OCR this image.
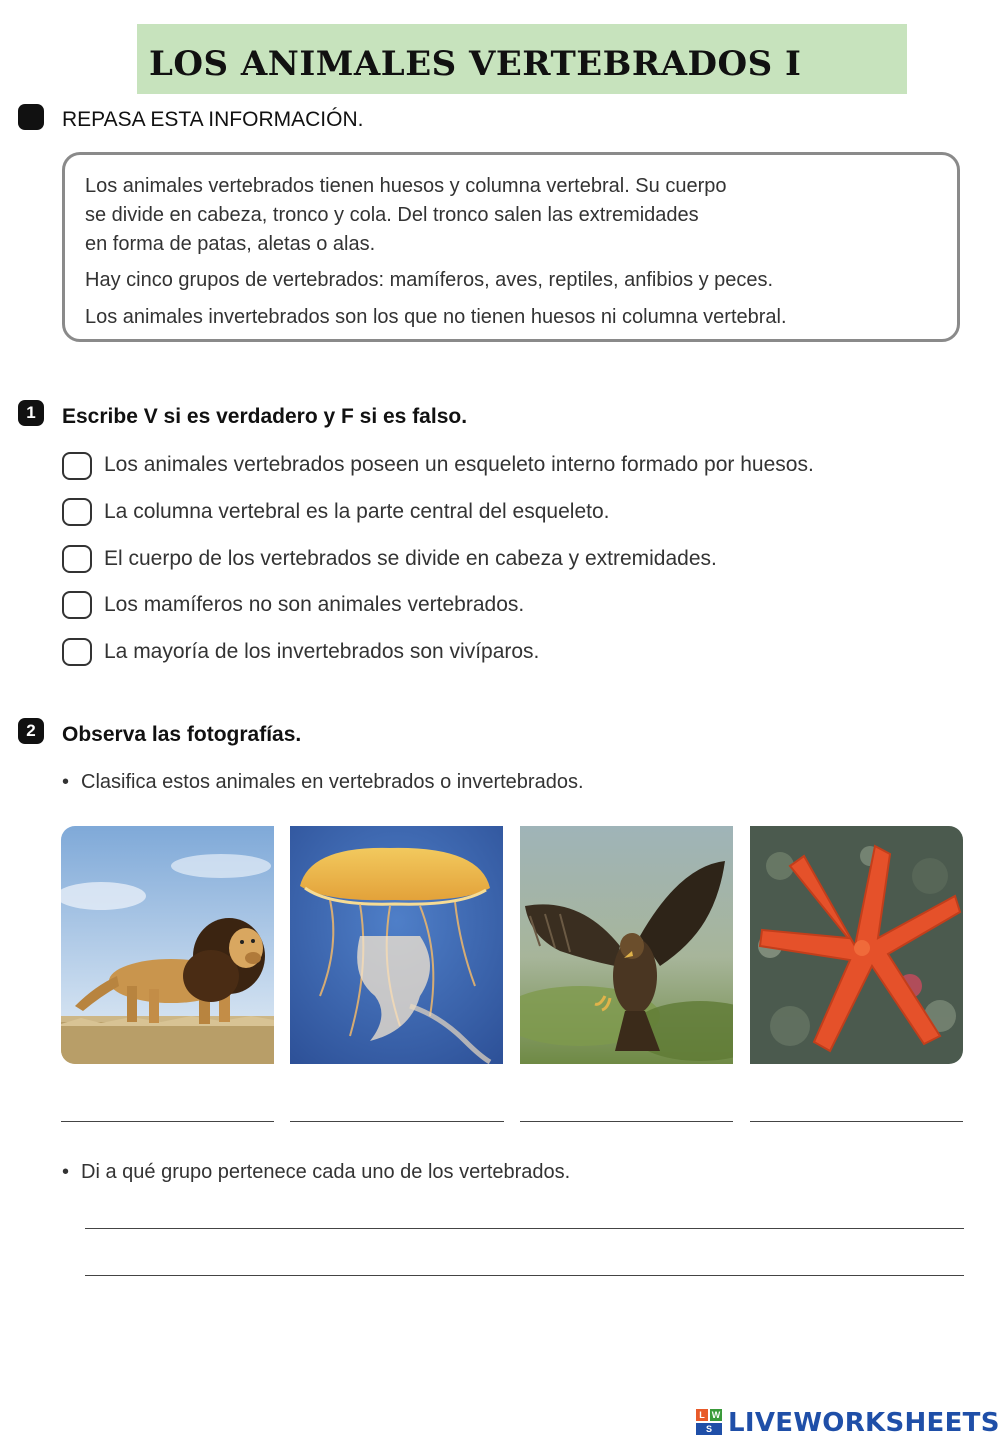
LOS ANIMALES VERTEBRADOS I
REPASA ESTA INFORMACIÓN.
Los animales vertebrados tienen huesos y columna vertebral. Su cuerpo
se divide en cabeza, tronco y cola. Del tronco salen las extremidades
en forma de patas, aletas o alas.
Hay cinco grupos de vertebrados: mamíferos, aves, reptiles, anfibios y peces.
Los animales invertebrados son los que no tienen huesos ni columna vertebral.
1	Escribe V si es verdadero y F si es falso.
Los animales vertebrados poseen un esqueleto interno formado por huesos.
La columna vertebral es la parte central del esqueleto.
El cuerpo de los vertebrados se divide en cabeza y extremidades.
Los mamíferos no son animales vertebrados.
La mayoría de los invertebrados son vivíparos.
2	Observa las fotografías.
• Clasifica estos animales en vertebrados o invertebrados.
• Di a qué grupo pertenece cada uno de los vertebrados.
L W
S LIVEWORKSHEETS
